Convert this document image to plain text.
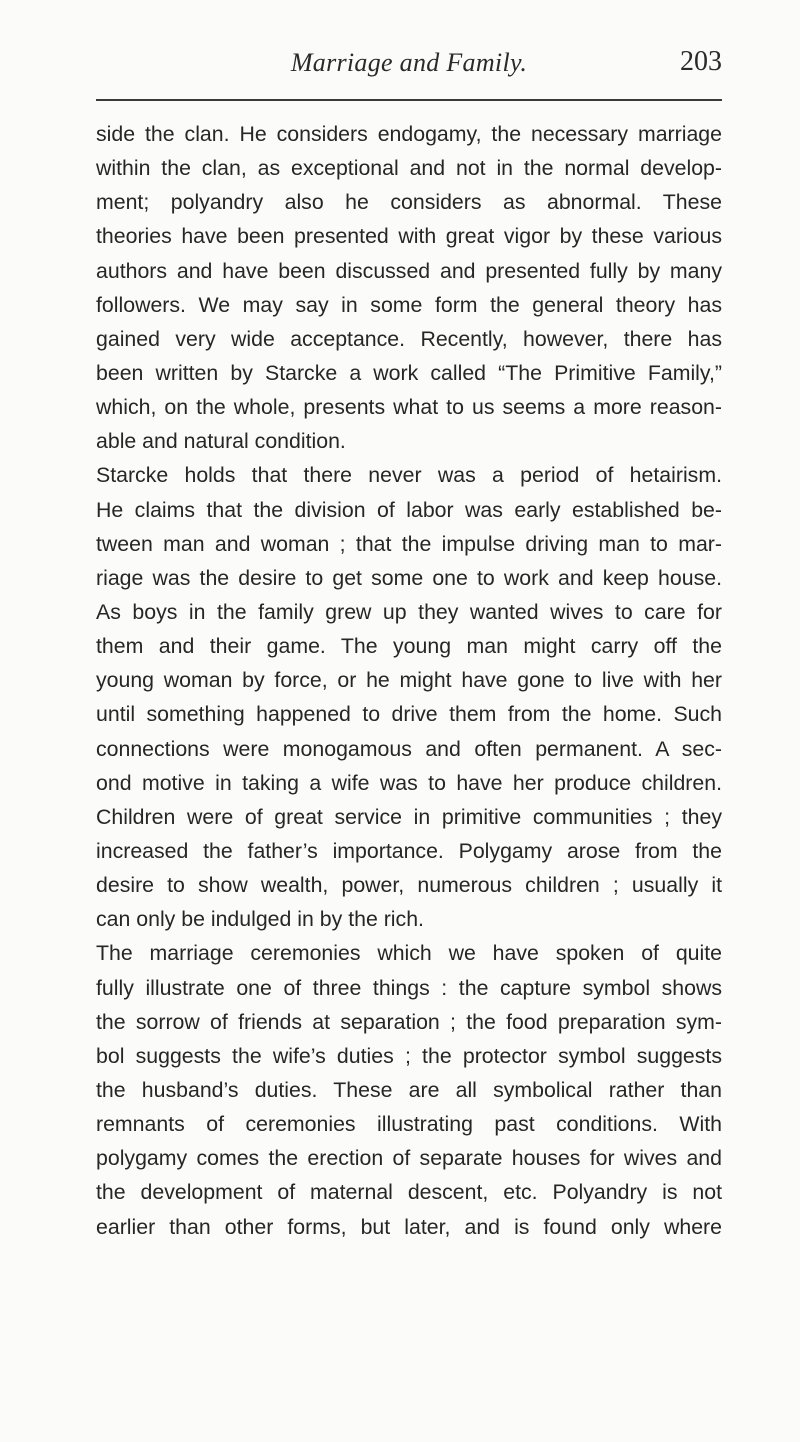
Marriage and Family.	203
side the clan. He considers endogamy, the necessary marriage
within the clan, as exceptional and not in the normal develop-
ment; polyandry also he considers as abnormal. These
theories have been presented with great vigor by these various
authors and have been discussed and presented fully by many
followers. We may say in some form the general theory has
gained very wide acceptance. Recently, however, there has
been written by Starcke a work called “The Primitive Family,”
which, on the whole, presents what to us seems a more reason-
able and natural condition.
Starcke holds that there never was a period of hetairism.
He claims that the division of labor was early established be-
tween man and woman ; that the impulse driving man to mar-
riage was the desire to get some one to work and keep house.
As boys in the family grew up they wanted wives to care for
them and their game. The young man might carry off the
young woman by force, or he might have gone to live with her
until something happened to drive them from the home. Such
connections were monogamous and often permanent. A sec-
ond motive in taking a wife was to have her produce children.
Children were of great service in primitive communities ; they
increased the father’s importance. Polygamy arose from the
desire to show wealth, power, numerous children ; usually it
can only be indulged in by the rich.
The marriage ceremonies which we have spoken of quite
fully illustrate one of three things : the capture symbol shows
the sorrow of friends at separation ; the food preparation sym-
bol suggests the wife’s duties ; the protector symbol suggests
the husband’s duties. These are all symbolical rather than
remnants of ceremonies illustrating past conditions. With
polygamy comes the erection of separate houses for wives and
the development of maternal descent, etc. Polyandry is not
earlier than other forms, but later, and is found only where
